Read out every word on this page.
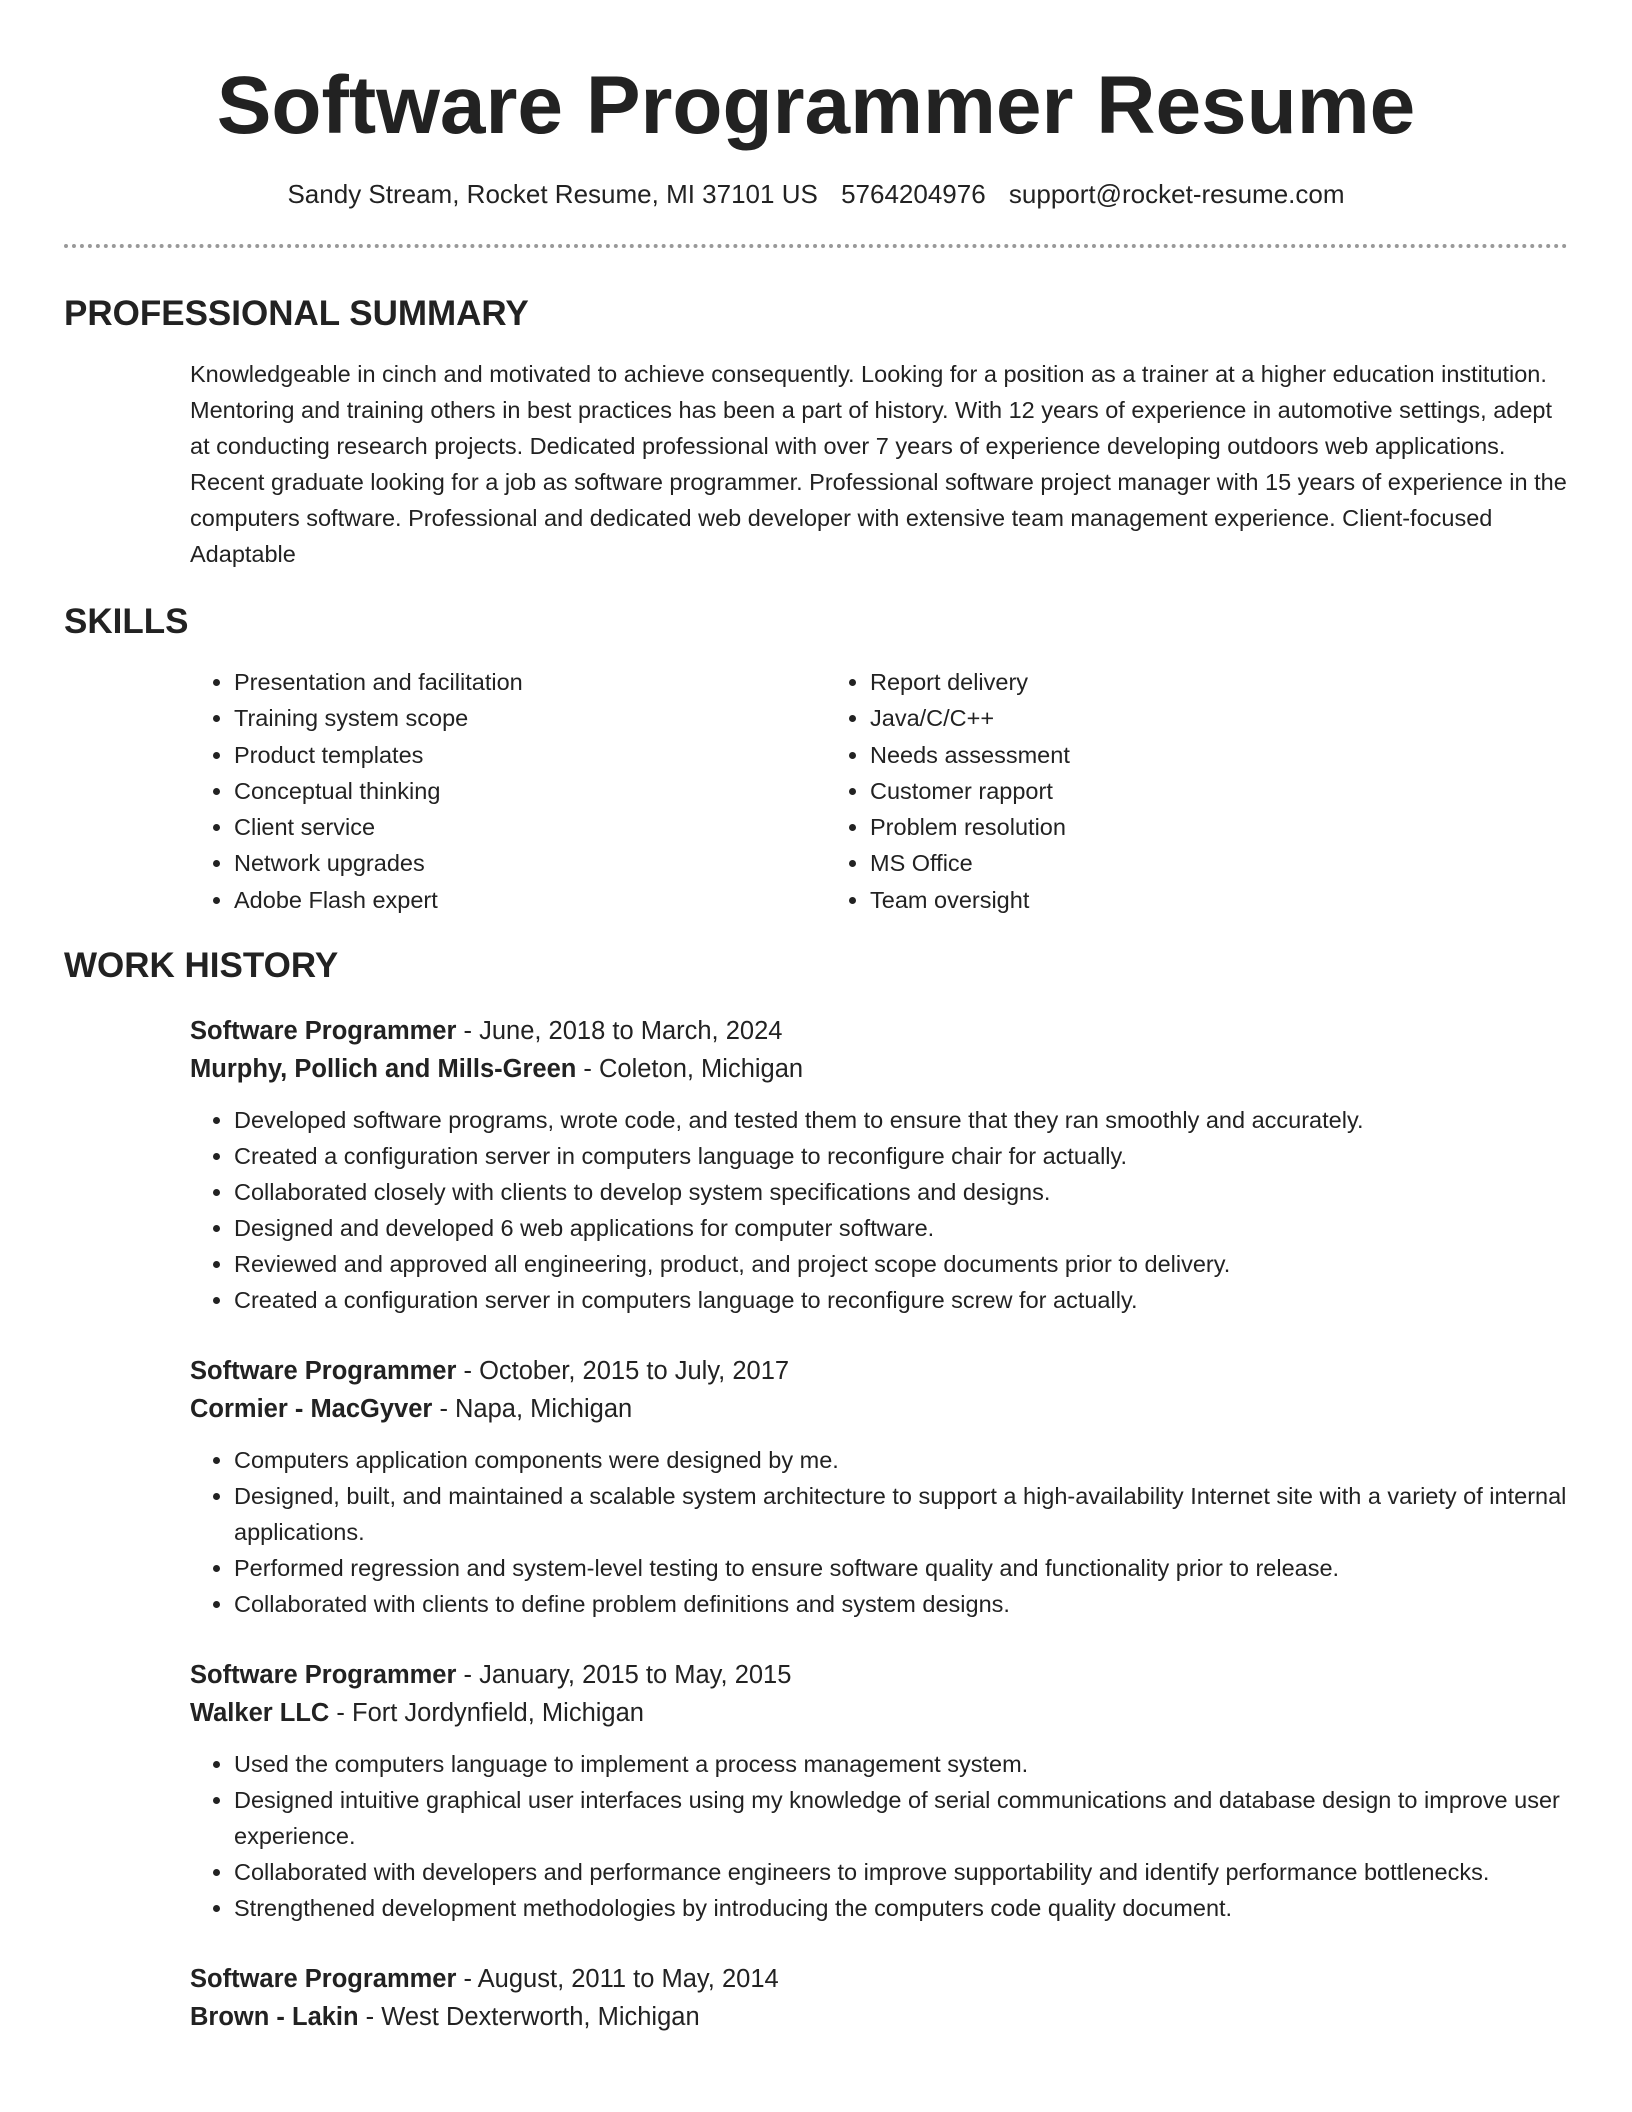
Software Programmer Resume
Sandy Stream, Rocket Resume, MI 37101 US 5764204976 support@rocket-resume.com
PROFESSIONAL SUMMARY
Knowledgeable in cinch and motivated to achieve consequently. Looking for a position as a trainer at a higher education institution. Mentoring and training others in best practices has been a part of history. With 12 years of experience in automotive settings, adept at conducting research projects. Dedicated professional with over 7 years of experience developing outdoors web applications. Recent graduate looking for a job as software programmer. Professional software project manager with 15 years of experience in the computers software. Professional and dedicated web developer with extensive team management experience. Client-focused Adaptable
SKILLS
• Presentation and facilitation
• Training system scope
• Product templates
• Conceptual thinking
• Client service
• Network upgrades
• Adobe Flash expert
• Report delivery
• Java/C/C++
• Needs assessment
• Customer rapport
• Problem resolution
• MS Office
• Team oversight
WORK HISTORY
Software Programmer - June, 2018 to March, 2024
Murphy, Pollich and Mills-Green - Coleton, Michigan
• Developed software programs, wrote code, and tested them to ensure that they ran smoothly and accurately.
• Created a configuration server in computers language to reconfigure chair for actually.
• Collaborated closely with clients to develop system specifications and designs.
• Designed and developed 6 web applications for computer software.
• Reviewed and approved all engineering, product, and project scope documents prior to delivery.
• Created a configuration server in computers language to reconfigure screw for actually.
Software Programmer - October, 2015 to July, 2017
Cormier - MacGyver - Napa, Michigan
• Computers application components were designed by me.
• Designed, built, and maintained a scalable system architecture to support a high-availability Internet site with a variety of internal applications.
• Performed regression and system-level testing to ensure software quality and functionality prior to release.
• Collaborated with clients to define problem definitions and system designs.
Software Programmer - January, 2015 to May, 2015
Walker LLC - Fort Jordynfield, Michigan
• Used the computers language to implement a process management system.
• Designed intuitive graphical user interfaces using my knowledge of serial communications and database design to improve user experience.
• Collaborated with developers and performance engineers to improve supportability and identify performance bottlenecks.
• Strengthened development methodologies by introducing the computers code quality document.
Software Programmer - August, 2011 to May, 2014
Brown - Lakin - West Dexterworth, Michigan
